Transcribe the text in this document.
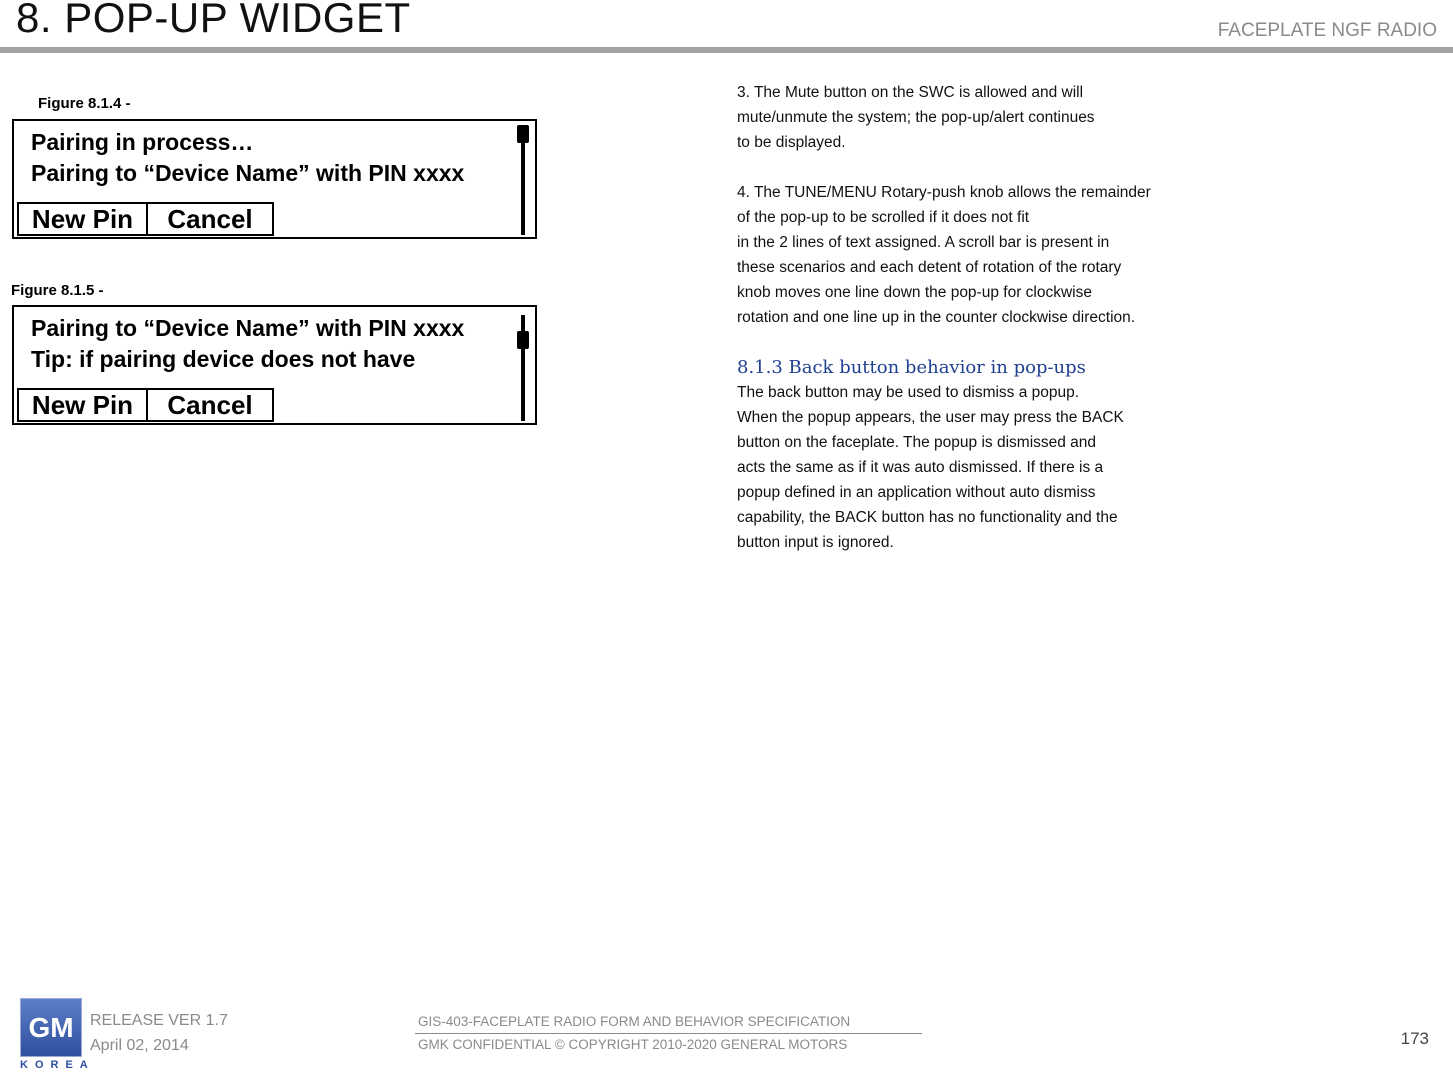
8. POP-UP WIDGET	FACEPLATE NGF RADIO
Figure 8.1.4 -
Pairing in process…
Pairing to “Device Name” with PIN xxxx
New Pin	Cancel
Figure 8.1.5 -
Pairing to “Device Name” with PIN xxxx
Tip: if pairing device does not have
New Pin	Cancel

3. The Mute button on the SWC is allowed and will

mute/unmute the system; the pop-up/alert continues

to be displayed.

4. The TUNE/MENU Rotary-push knob allows the remainder

of the pop-up to be scrolled if it does not fit

in the 2 lines of text assigned. A scroll bar is present in

these scenarios and each detent of rotation of the rotary

knob moves one line down the pop-up for clockwise

rotation and one line up in the counter clockwise direction.

8.1.3 Back button behavior in pop-ups

The back button may be used to dismiss a popup.

When the popup appears, the user may press the BACK

button on the faceplate. The popup is dismissed and

acts the same as if it was auto dismissed. If there is a

popup defined in an application without auto dismiss

capability, the BACK button has no functionality and the

button input is ignored.

GM
KOREA
RELEASE VER 1.7
April 02, 2014
GIS-403-FACEPLATE RADIO FORM AND BEHAVIOR SPECIFICATION
GMK CONFIDENTIAL © COPYRIGHT 2010-2020 GENERAL MOTORS	173
